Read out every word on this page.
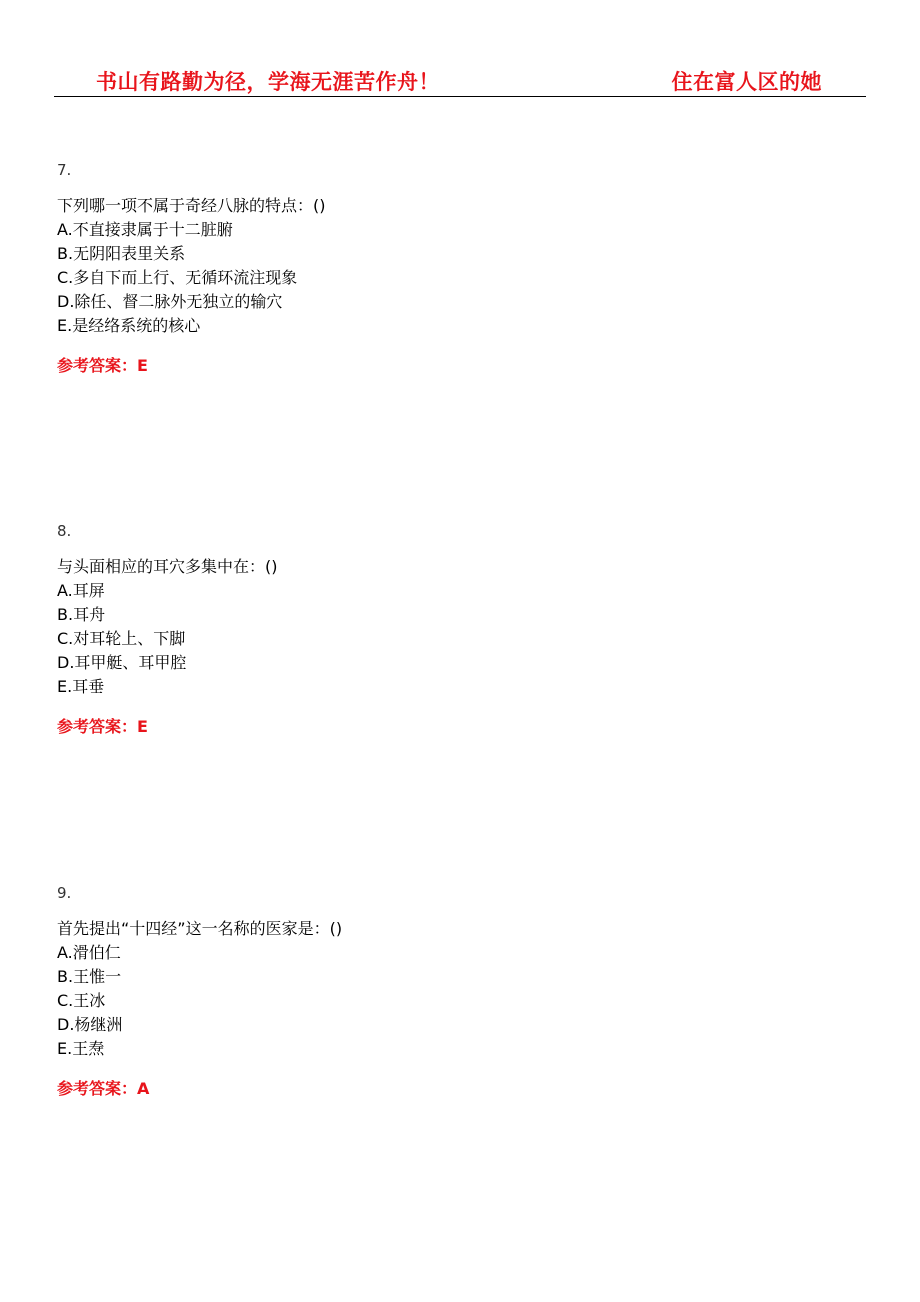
书山有路勤为径，学海无涯苦作舟！	住在富人区的她
7.
下列哪一项不属于奇经八脉的特点：()
A.不直接隶属于十二脏腑
B.无阴阳表里关系
C.多自下而上行、无循环流注现象
D.除任、督二脉外无独立的输穴
E.是经络系统的核心
参考答案：E
8.
与头面相应的耳穴多集中在：()
A.耳屏
B.耳舟
C.对耳轮上、下脚
D.耳甲艇、耳甲腔
E.耳垂
参考答案：E
9.
首先提出“十四经”这一名称的医家是：()
A.滑伯仁
B.王惟一
C.王冰
D.杨继洲
E.王焘
参考答案：A
